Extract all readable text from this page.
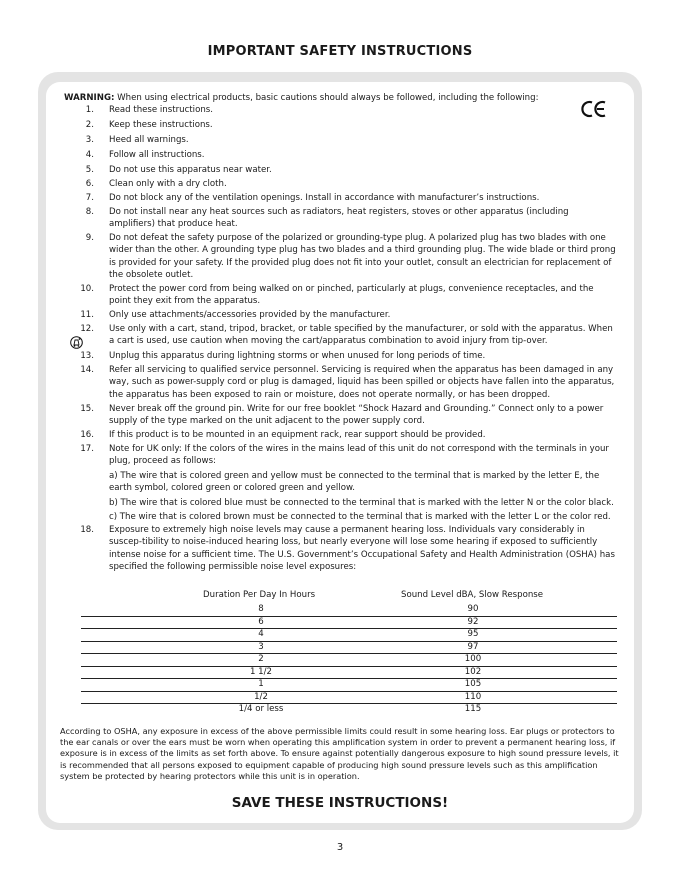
IMPORTANT SAFETY INSTRUCTIONS
WARNING: When using electrical products, basic cautions should always be followed, including the following:
1. Read these instructions.
2. Keep these instructions.
3. Heed all warnings.
4. Follow all instructions.
5. Do not use this apparatus near water.
6. Clean only with a dry cloth.
7. Do not block any of the ventilation openings. Install in accordance with manufacturer’s instructions.
8. Do not install near any heat sources such as radiators, heat registers, stoves or other apparatus (including amplifiers) that produce heat.
9. Do not defeat the safety purpose of the polarized or grounding-type plug. A polarized plug has two blades with one wider than the other. A grounding type plug has two blades and a third grounding plug. The wide blade or third prong is provided for your safety. If the provided plug does not fit into your outlet, consult an electrician for replacement of the obsolete outlet.
10. Protect the power cord from being walked on or pinched, particularly at plugs, convenience receptacles, and the point they exit from the apparatus.
11. Only use attachments/accessories provided by the manufacturer.
12. Use only with a cart, stand, tripod, bracket, or table specified by the manufacturer, or sold with the apparatus. When a cart is used, use caution when moving the cart/apparatus combination to avoid injury from tip-over.
13. Unplug this apparatus during lightning storms or when unused for long periods of time.
14. Refer all servicing to qualified service personnel. Servicing is required when the apparatus has been damaged in any way, such as power-supply cord or plug is damaged, liquid has been spilled or objects have fallen into the apparatus, the apparatus has been exposed to rain or moisture, does not operate normally, or has been dropped.
15. Never break off the ground pin. Write for our free booklet “Shock Hazard and Grounding.” Connect only to a power supply of the type marked on the unit adjacent to the power supply cord.
16. If this product is to be mounted in an equipment rack, rear support should be provided.
17. Note for UK only: If the colors of the wires in the mains lead of this unit do not correspond with the terminals in your plug, proceed as follows:
a) The wire that is colored green and yellow must be connected to the terminal that is marked by the letter E, the earth symbol, colored green or colored green and yellow.
b) The wire that is colored blue must be connected to the terminal that is marked with the letter N or the color black.
c) The wire that is colored brown must be connected to the terminal that is marked with the letter L or the color red.
18. Exposure to extremely high noise levels may cause a permanent hearing loss. Individuals vary considerably in suscep-tibility to noise-induced hearing loss, but nearly everyone will lose some hearing if exposed to sufficiently intense noise for a sufficient time. The U.S. Government’s Occupational Safety and Health Administration (OSHA) has specified the following permissible noise level exposures:
Duration Per Day In Hours	Sound Level dBA, Slow Response
8	90
6	92
4	95
3	97
2	100
1 1/2	102
1	105
1/2	110
1/4 or less	115
According to OSHA, any exposure in excess of the above permissible limits could result in some hearing loss. Ear plugs or protectors to the ear canals or over the ears must be worn when operating this amplification system in order to prevent a permanent hearing loss, if exposure is in excess of the limits as set forth above. To ensure against potentially dangerous exposure to high sound pressure levels, it is recommended that all persons exposed to equipment capable of producing high sound pressure levels such as this amplification system be protected by hearing protectors while this unit is in operation.
SAVE THESE INSTRUCTIONS!
3
